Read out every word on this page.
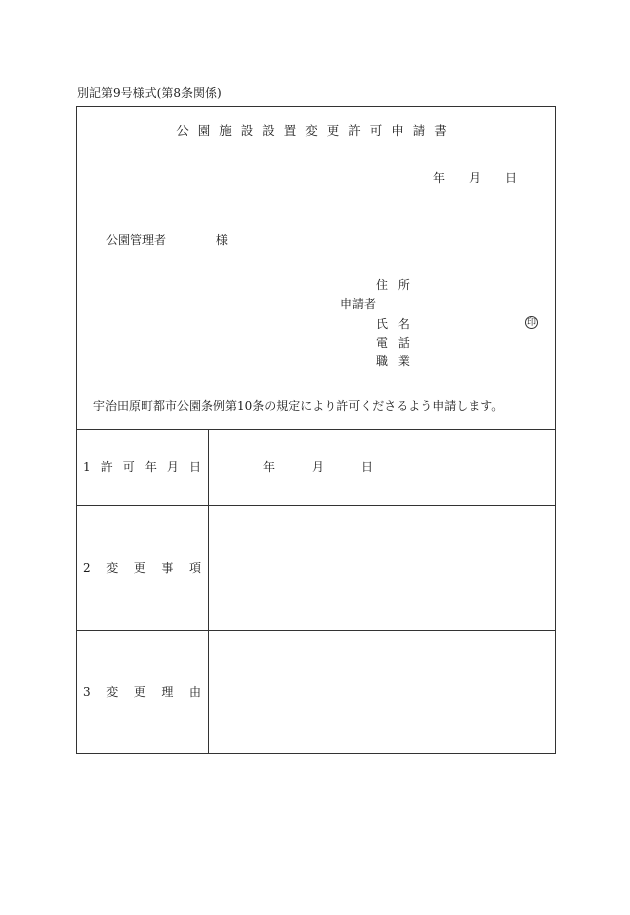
別記第9号様式(第8条関係)
公園施設設置変更許可申請書
年	月	日
公園管理者	様
住 所
申請者
氏 名	印
電 話
職 業
宇治田原町都市公園条例第10条の規定により許可くださるよう申請します。
1 許 可 年 月 日	年	月	日
2 変 更 事 項
3 変 更 理 由
